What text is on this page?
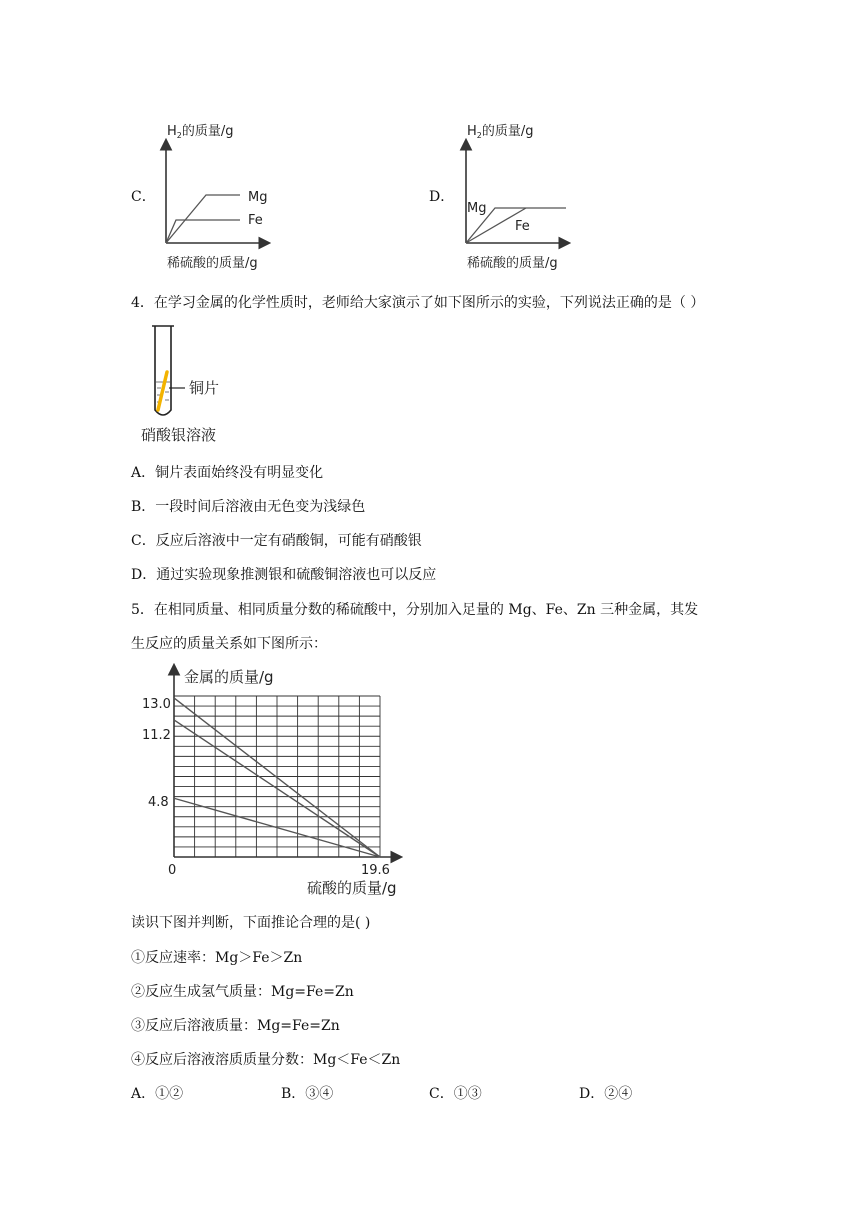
C．
$H_2$的质量/g
稀硫酸的质量/g
Mg
Fe
D．
$H_2$的质量/g
稀硫酸的质量/g
Mg
Fe
4．在学习金属的化学性质时，老师给大家演示了如下图所示的实验，下列说法正确的是（ ）
铜片
硝酸银溶液
A．铜片表面始终没有明显变化
B．一段时间后溶液由无色变为浅绿色
C．反应后溶液中一定有硝酸铜，可能有硝酸银
D．通过实验现象推测银和硫酸铜溶液也可以反应
5．在相同质量、相同质量分数的稀硫酸中，分别加入足量的 Mg、Fe、Zn 三种金属，其发
生反应的质量关系如下图所示：
金属的质量/g
硫酸的质量/g
13.0
11.2
4.8
0	19.6
读识下图并判断，下面推论合理的是( )
①反应速率：Mg＞Fe＞Zn
②反应生成氢气质量：Mg=Fe=Zn
③反应后溶液质量：Mg=Fe=Zn
④反应后溶液溶质质量分数：Mg＜Fe＜Zn
A．①②	B．③④	C．①③	D．②④
